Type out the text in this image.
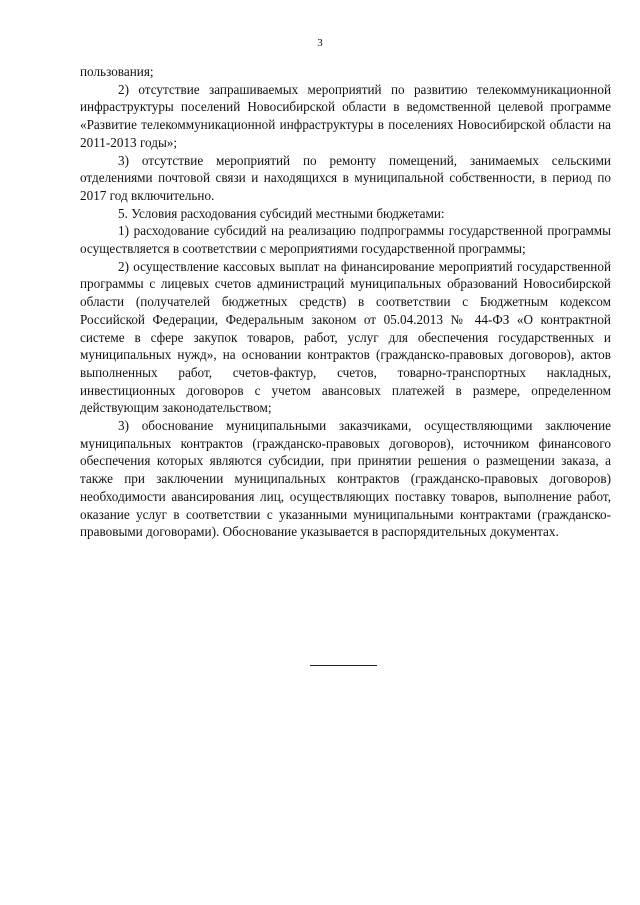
3

пользования;

2) отсутствие запрашиваемых мероприятий по развитию телекоммуникационной инфраструктуры поселений Новосибирской области в ведомственной целевой программе «Развитие телекоммуникационной инфраструктуры в поселениях Новосибирской области на 2011-2013 годы»;

3) отсутствие мероприятий по ремонту помещений, занимаемых сельскими отделениями почтовой связи и находящихся в муниципальной собственности, в период по 2017 год включительно.

5. Условия расходования субсидий местными бюджетами:

1) расходование субсидий на реализацию подпрограммы государственной программы осуществляется в соответствии с мероприятиями государственной программы;

2) осуществление кассовых выплат на финансирование мероприятий государственной программы с лицевых счетов администраций муниципальных образований Новосибирской области (получателей бюджетных средств) в соответствии с Бюджетным кодексом Российской Федерации, Федеральным законом от 05.04.2013 № 44-ФЗ «О контрактной системе в сфере закупок товаров, работ, услуг для обеспечения государственных и муниципальных нужд», на основании контрактов (гражданско-правовых договоров), актов выполненных работ, счетов-фактур, счетов, товарно-транспортных накладных, инвестиционных договоров с учетом авансовых платежей в размере, определенном действующим законодательством;

3) обоснование муниципальными заказчиками, осуществляющими заключение муниципальных контрактов (гражданско-правовых договоров), источником финансового обеспечения которых являются субсидии, при принятии решения о размещении заказа, а также при заключении муниципальных контрактов (гражданско-правовых договоров) необходимости авансирования лиц, осуществляющих поставку товаров, выполнение работ, оказание услуг в соответствии с указанными муниципальными контрактами (гражданско-правовыми договорами). Обоснование указывается в распорядительных документах.
